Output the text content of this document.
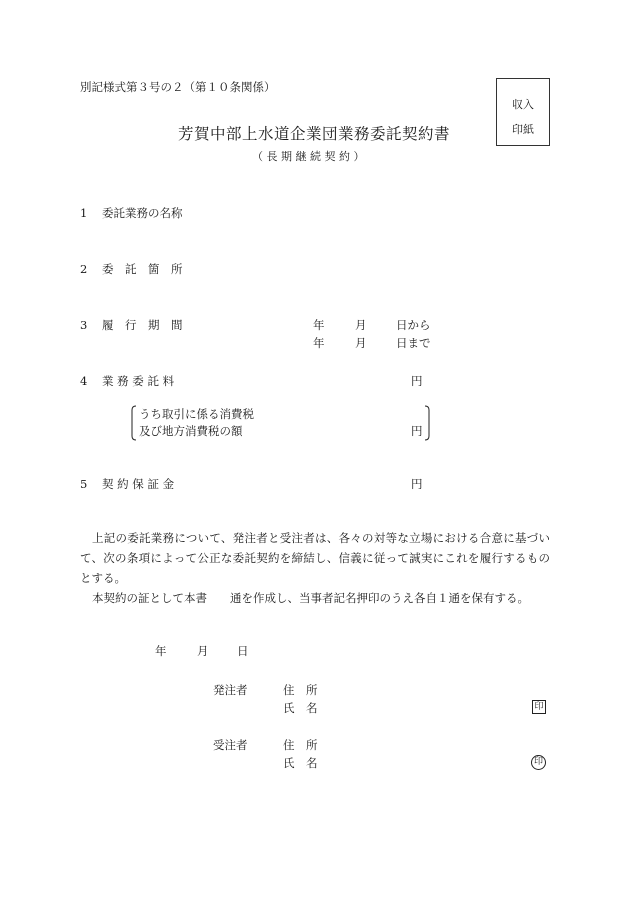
別記様式第３号の２（第１０条関係）
収入
印紙
芳賀中部上水道企業団業務委託契約書
（ 長 期 継 続 契 約 ）
1 委託業務の名称
2 委　託　箇　所
3 履　行　期　間	年	月	日から
年	月	日まで
4 業 務 委 託 料	円
うち取引に係る消費税
及び地方消費税の額	円
5 契 約 保 証 金	円
上記の委託業務について、発注者と受注者は、各々の対等な立場における合意に基づいて、次の条項によって公正な委託契約を締結し、信義に従って誠実にこれを履行するものとする。
本契約の証として本書　　通を作成し、当事者記名押印のうえ各自１通を保有する。
年	月 日
発注者	住　所
氏　名	印
受注者	住　所
氏　名	印
